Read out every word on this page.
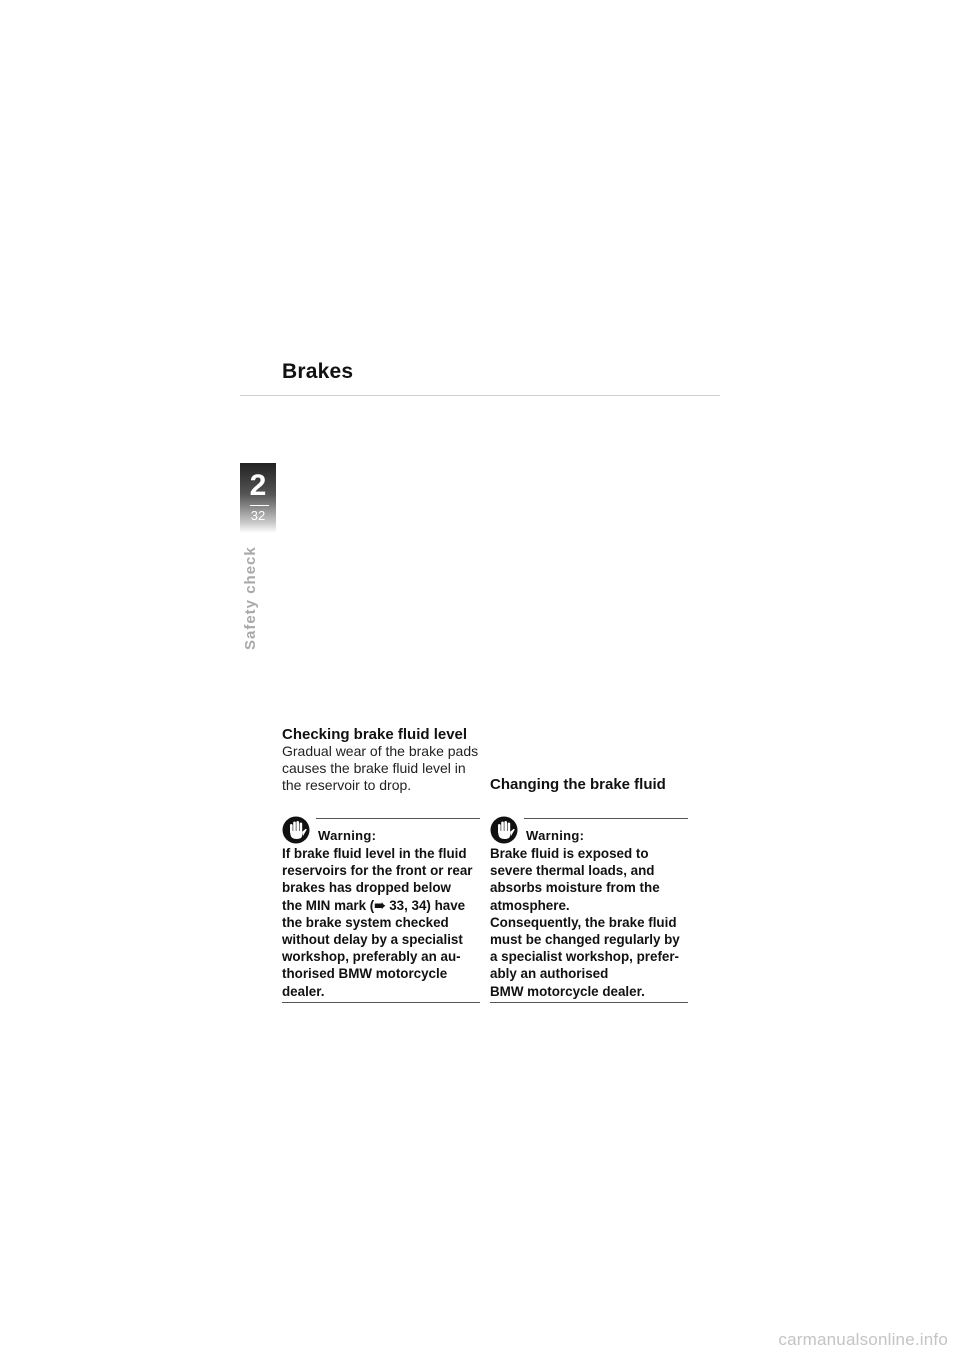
Brakes
2
32
Safety check
Checking brake fluid level

Gradual wear of the brake pads causes the brake fluid level in the reservoir to drop.

Warning:

If brake fluid level in the fluid
reservoirs for the front or rear
brakes has dropped below
the MIN mark (➠ 33, 34) have
the brake system checked
without delay by a specialist
workshop, preferably an au-
thorised BMW motorcycle
dealer.

Changing the brake fluid
Warning:

Brake fluid is exposed to
severe thermal loads, and
absorbs moisture from the
atmosphere.
Consequently, the brake fluid
must be changed regularly by
a specialist workshop, prefer-
ably an authorised
BMW motorcycle dealer.

carmanualsonline.info
